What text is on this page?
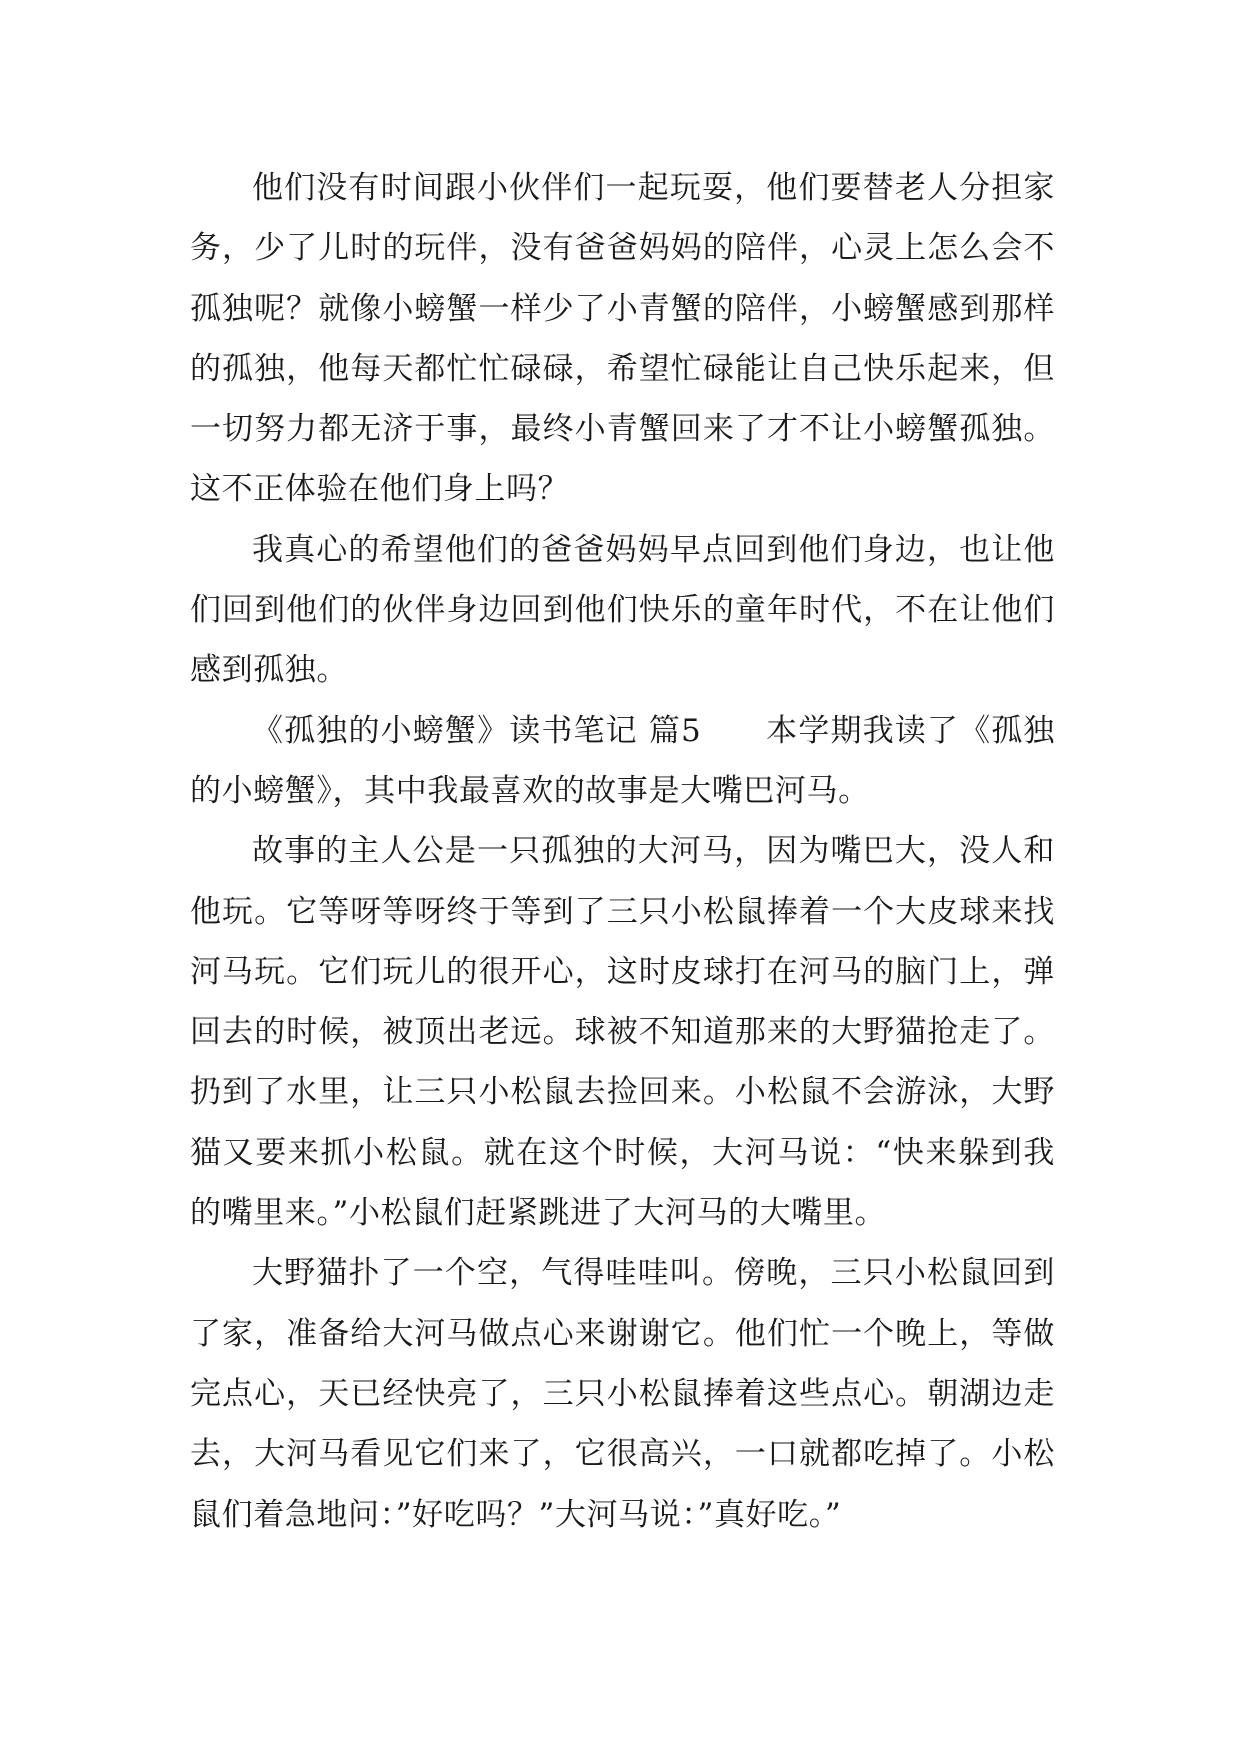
他们没有时间跟小伙伴们一起玩耍，他们要替老人分担家务，少了儿时的玩伴，没有爸爸妈妈的陪伴，心灵上怎么会不孤独呢？就像小螃蟹一样少了小青蟹的陪伴，小螃蟹感到那样的孤独，他每天都忙忙碌碌，希望忙碌能让自己快乐起来，但一切努力都无济于事，最终小青蟹回来了才不让小螃蟹孤独。这不正体验在他们身上吗？

我真心的希望他们的爸爸妈妈早点回到他们身边，也让他们回到他们的伙伴身边回到他们快乐的童年时代，不在让他们感到孤独。

《孤独的小螃蟹》读书笔记 篇5　　本学期我读了《孤独的小螃蟹》，其中我最喜欢的故事是大嘴巴河马。

故事的主人公是一只孤独的大河马，因为嘴巴大，没人和他玩。它等呀等呀终于等到了三只小松鼠捧着一个大皮球来找河马玩。它们玩儿的很开心，这时皮球打在河马的脑门上，弹回去的时候，被顶出老远。球被不知道那来的大野猫抢走了。扔到了水里，让三只小松鼠去捡回来。小松鼠不会游泳，大野猫又要来抓小松鼠。就在这个时候，大河马说：“快来躲到我的嘴里来。”小松鼠们赶紧跳进了大河马的大嘴里。

大野猫扑了一个空，气得哇哇叫。傍晚，三只小松鼠回到了家，准备给大河马做点心来谢谢它。他们忙一个晚上，等做完点心，天已经快亮了，三只小松鼠捧着这些点心。朝湖边走去，大河马看见它们来了，它很高兴，一口就都吃掉了。小松鼠们着急地问：”好吃吗？”大河马说：”真好吃。”
